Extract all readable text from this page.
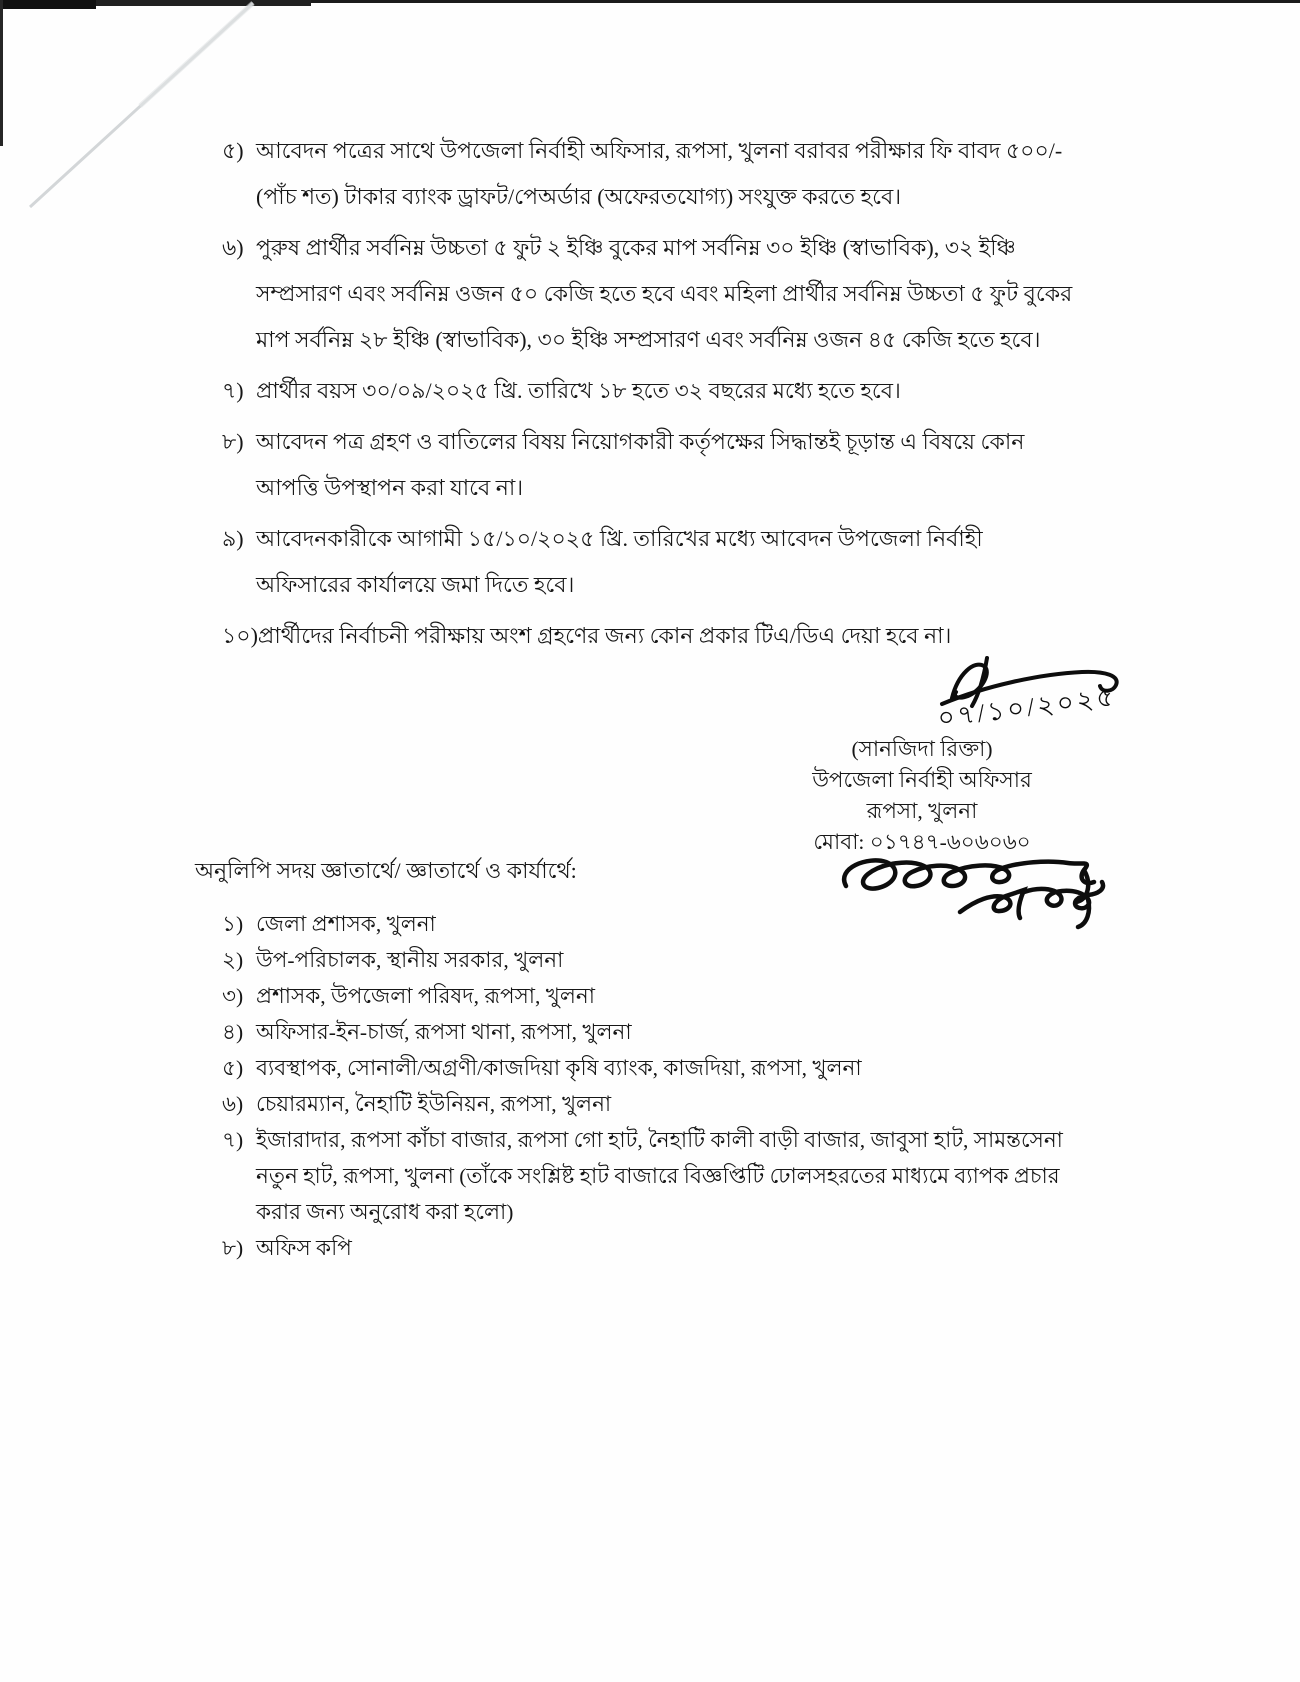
৫) আবেদন পত্রের সাথে উপজেলা নির্বাহী অফিসার, রূপসা, খুলনা বরাবর পরীক্ষার ফি বাবদ ৫০০/- (পাঁচ শত) টাকার ব্যাংক ড্রাফট/পেঅর্ডার (অফেরতযোগ্য) সংযুক্ত করতে হবে।
৬) পুরুষ প্রার্থীর সর্বনিম্ন উচ্চতা ৫ ফুট ২ ইঞ্চি বুকের মাপ সর্বনিম্ন ৩০ ইঞ্চি (স্বাভাবিক), ৩২ ইঞ্চি সম্প্রসারণ এবং সর্বনিম্ন ওজন ৫০ কেজি হতে হবে এবং মহিলা প্রার্থীর সর্বনিম্ন উচ্চতা ৫ ফুট বুকের মাপ সর্বনিম্ন ২৮ ইঞ্চি (স্বাভাবিক), ৩০ ইঞ্চি সম্প্রসারণ এবং সর্বনিম্ন ওজন ৪৫ কেজি হতে হবে।
৭) প্রার্থীর বয়স ৩০/০৯/২০২৫ খ্রি. তারিখে ১৮ হতে ৩২ বছরের মধ্যে হতে হবে।
৮) আবেদন পত্র গ্রহণ ও বাতিলের বিষয় নিয়োগকারী কর্তৃপক্ষের সিদ্ধান্তই চূড়ান্ত এ বিষয়ে কোন আপত্তি উপস্থাপন করা যাবে না।
৯) আবেদনকারীকে আগামী ১৫/১০/২০২৫ খ্রি. তারিখের মধ্যে আবেদন উপজেলা নির্বাহী অফিসারের কার্যালয়ে জমা দিতে হবে।
১০) প্রার্থীদের নির্বাচনী পরীক্ষায় অংশ গ্রহণের জন্য কোন প্রকার টিএ/ডিএ দেয়া হবে না।
০৭/১০/২০২৫
(সানজিদা রিক্তা)
উপজেলা নির্বাহী অফিসার
রূপসা, খুলনা
মোবা: ০১৭৪৭-৬০৬০৬০
অনুলিপি সদয় জ্ঞাতার্থে/ জ্ঞাতার্থে ও কার্যার্থে:
১) জেলা প্রশাসক, খুলনা
২) উপ-পরিচালক, স্থানীয় সরকার, খুলনা
৩) প্রশাসক, উপজেলা পরিষদ, রূপসা, খুলনা
৪) অফিসার-ইন-চার্জ, রূপসা থানা, রূপসা, খুলনা
৫) ব্যবস্থাপক, সোনালী/অগ্রণী/কাজদিয়া কৃষি ব্যাংক, কাজদিয়া, রূপসা, খুলনা
৬) চেয়ারম্যান, নৈহাটি ইউনিয়ন, রূপসা, খুলনা
৭) ইজারাদার, রূপসা কাঁচা বাজার, রূপসা গো হাট, নৈহাটি কালী বাড়ী বাজার, জাবুসা হাট, সামন্তসেনা নতুন হাট, রূপসা, খুলনা (তাঁকে সংশ্লিষ্ট হাট বাজারে বিজ্ঞপ্তিটি ঢোলসহরতের মাধ্যমে ব্যাপক প্রচার করার জন্য অনুরোধ করা হলো)
৮) অফিস কপি
